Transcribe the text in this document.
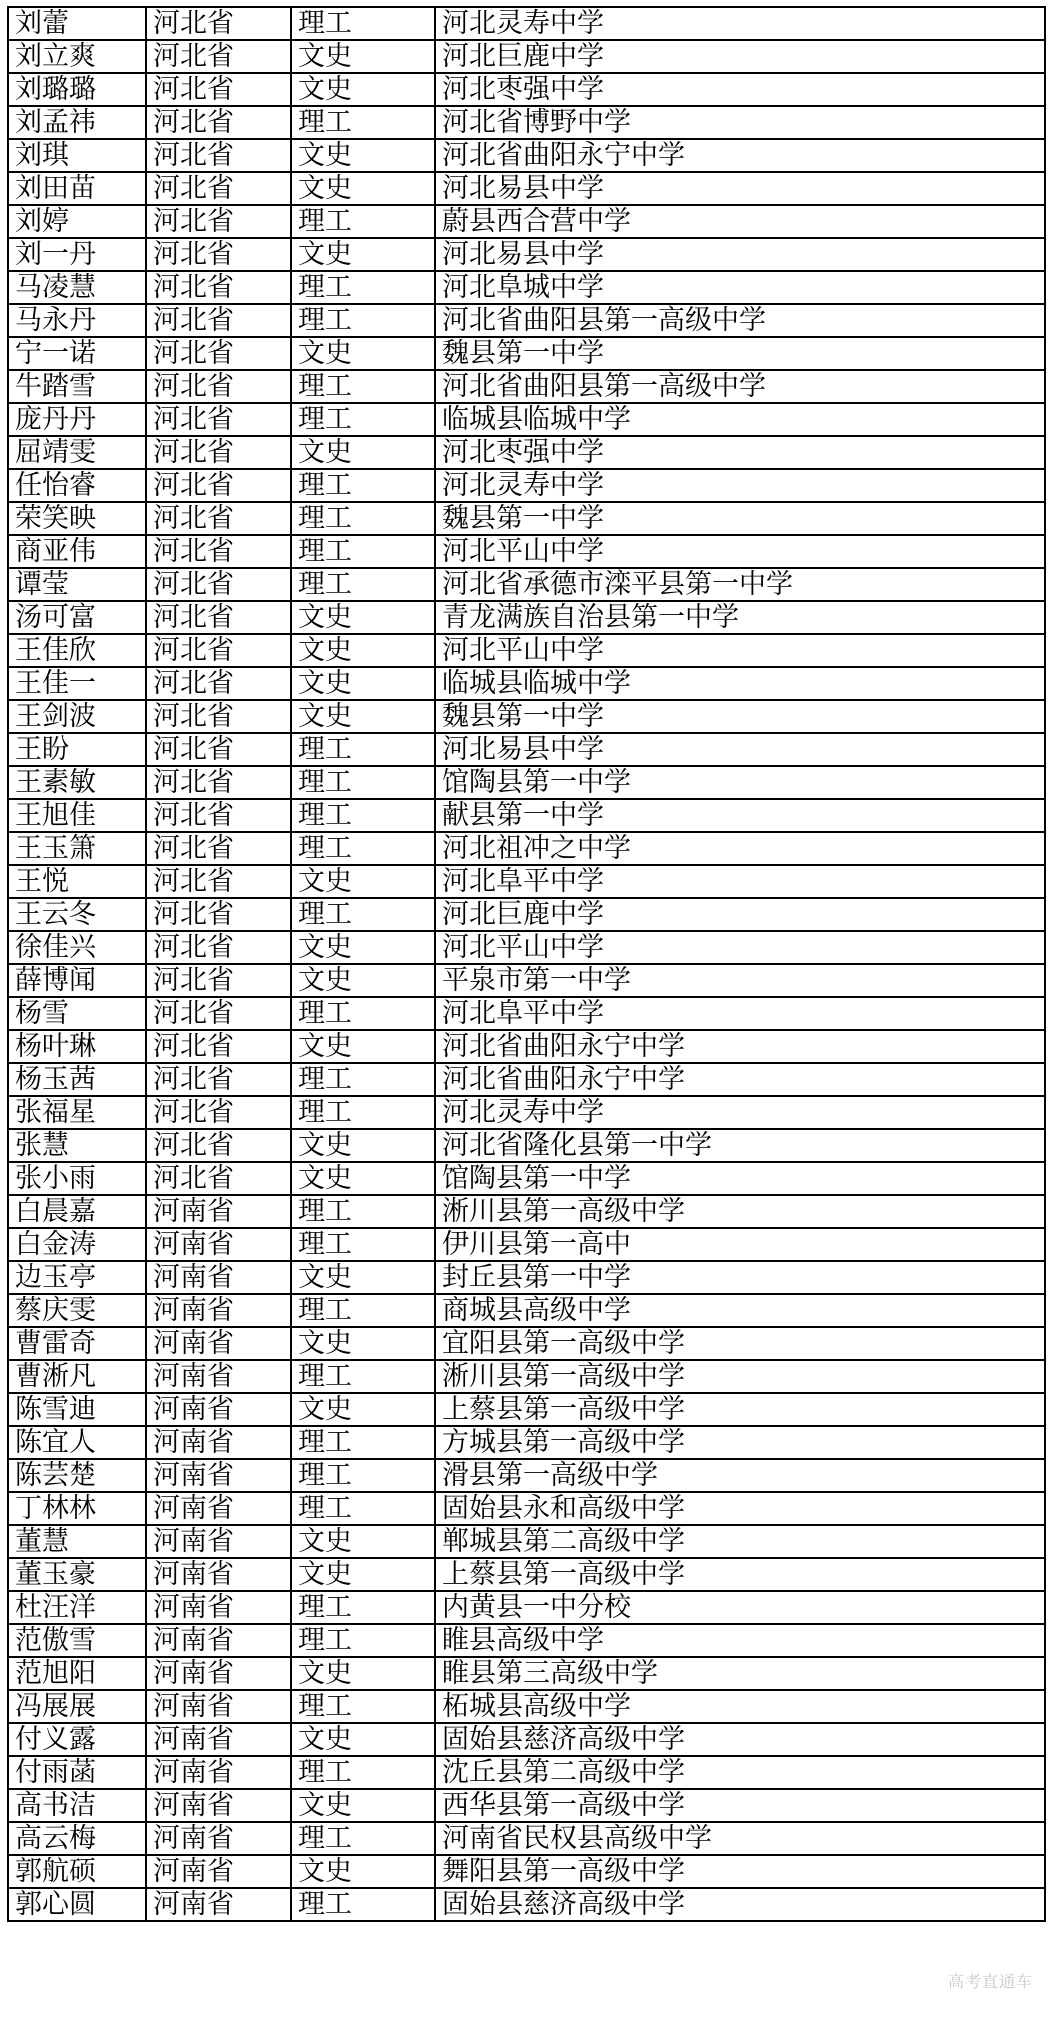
刘蕾	河北省	理工	河北灵寿中学
刘立爽	河北省	文史	河北巨鹿中学
刘璐璐	河北省	文史	河北枣强中学
刘孟祎	河北省	理工	河北省博野中学
刘琪	河北省	文史	河北省曲阳永宁中学
刘田苗	河北省	文史	河北易县中学
刘婷	河北省	理工	蔚县西合营中学
刘一丹	河北省	文史	河北易县中学
马凌慧	河北省	理工	河北阜城中学
马永丹	河北省	理工	河北省曲阳县第一高级中学
宁一诺	河北省	文史	魏县第一中学
牛踏雪	河北省	理工	河北省曲阳县第一高级中学
庞丹丹	河北省	理工	临城县临城中学
屈靖雯	河北省	文史	河北枣强中学
任怡睿	河北省	理工	河北灵寿中学
荣笑映	河北省	理工	魏县第一中学
商亚伟	河北省	理工	河北平山中学
谭莹	河北省	理工	河北省承德市滦平县第一中学
汤可富	河北省	文史	青龙满族自治县第一中学
王佳欣	河北省	文史	河北平山中学
王佳一	河北省	文史	临城县临城中学
王剑波	河北省	文史	魏县第一中学
王盼	河北省	理工	河北易县中学
王素敏	河北省	理工	馆陶县第一中学
王旭佳	河北省	理工	献县第一中学
王玉箫	河北省	理工	河北祖冲之中学
王悦	河北省	文史	河北阜平中学
王云冬	河北省	理工	河北巨鹿中学
徐佳兴	河北省	文史	河北平山中学
薛博闻	河北省	文史	平泉市第一中学
杨雪	河北省	理工	河北阜平中学
杨叶琳	河北省	文史	河北省曲阳永宁中学
杨玉茜	河北省	理工	河北省曲阳永宁中学
张福星	河北省	理工	河北灵寿中学
张慧	河北省	文史	河北省隆化县第一中学
张小雨	河北省	文史	馆陶县第一中学
白晨嘉	河南省	理工	淅川县第一高级中学
白金涛	河南省	理工	伊川县第一高中
边玉亭	河南省	文史	封丘县第一中学
蔡庆雯	河南省	理工	商城县高级中学
曹雷奇	河南省	文史	宜阳县第一高级中学
曹淅凡	河南省	理工	淅川县第一高级中学
陈雪迪	河南省	文史	上蔡县第一高级中学
陈宜人	河南省	理工	方城县第一高级中学
陈芸楚	河南省	理工	滑县第一高级中学
丁林林	河南省	理工	固始县永和高级中学
董慧	河南省	文史	郸城县第二高级中学
董玉豪	河南省	文史	上蔡县第一高级中学
杜汪洋	河南省	理工	内黄县一中分校
范傲雪	河南省	理工	睢县高级中学
范旭阳	河南省	文史	睢县第三高级中学
冯展展	河南省	理工	柘城县高级中学
付义露	河南省	文史	固始县慈济高级中学
付雨菡	河南省	理工	沈丘县第二高级中学
高书洁	河南省	文史	西华县第一高级中学
高云梅	河南省	理工	河南省民权县高级中学
郭航硕	河南省	文史	舞阳县第一高级中学
郭心圆	河南省	理工	固始县慈济高级中学
高考直通车
